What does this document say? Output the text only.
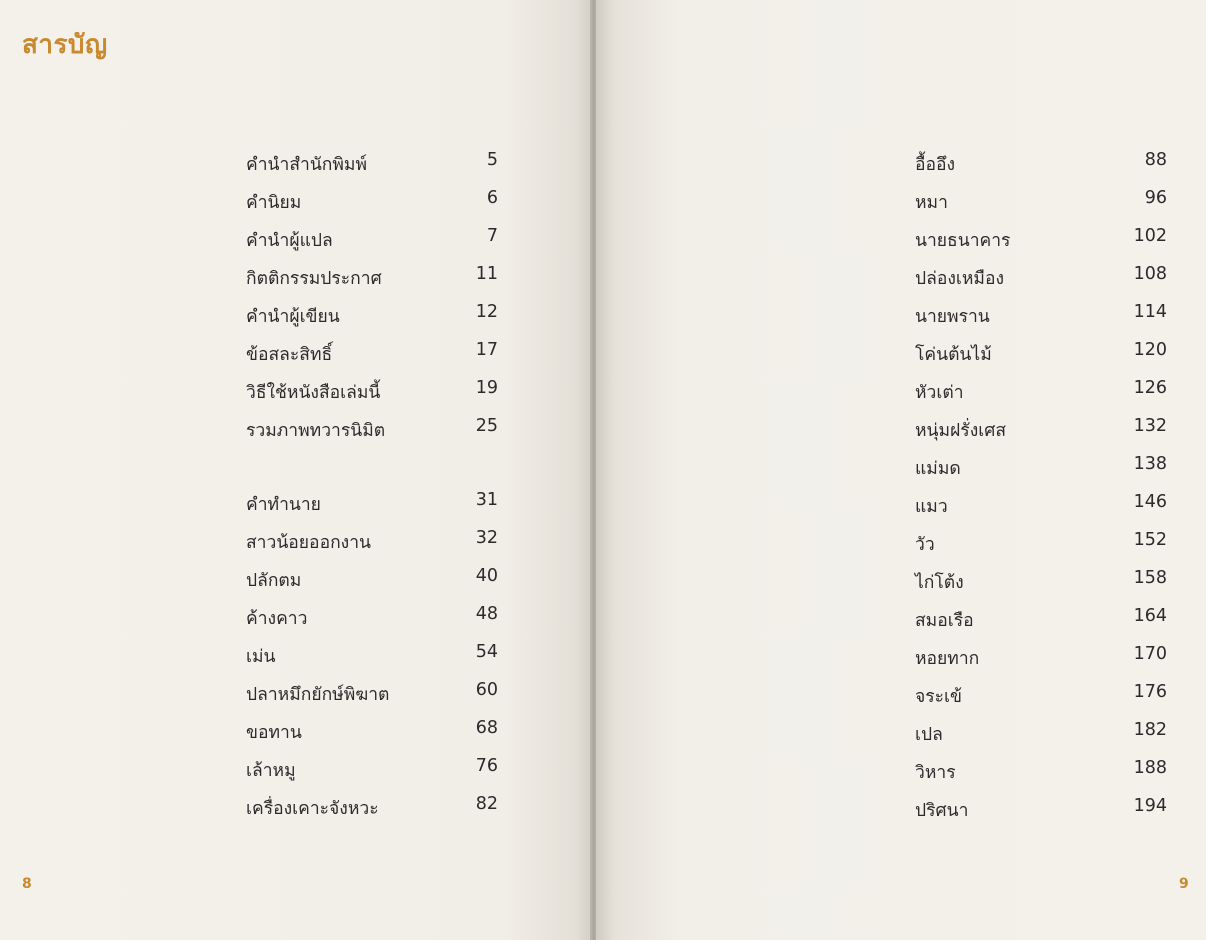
สารบัญ
คำนำสำนักพิมพ์	5
คำนิยม	6
คำนำผู้แปล	7
กิตติกรรมประกาศ	11
คำนำผู้เขียน	12
ข้อสละสิทธิ์	17
วิธีใช้หนังสือเล่มนี้	19
รวมภาพทวารนิมิต	25
คำทำนาย	31
สาวน้อยออกงาน	32
ปลักตม	40
ค้างคาว	48
เม่น	54
ปลาหมึกยักษ์พิฆาต	60
ขอทาน	68
เล้าหมู	76
เครื่องเคาะจังหวะ	82
อื้ออึง	88
หมา	96
นายธนาคาร	102
ปล่องเหมือง	108
นายพราน	114
โค่นต้นไม้	120
หัวเต่า	126
หนุ่มฝรั่งเศส	132
แม่มด	138
แมว	146
วัว	152
ไก่โต้ง	158
สมอเรือ	164
หอยทาก	170
จระเข้	176
เปล	182
วิหาร	188
ปริศนา	194
8	9
